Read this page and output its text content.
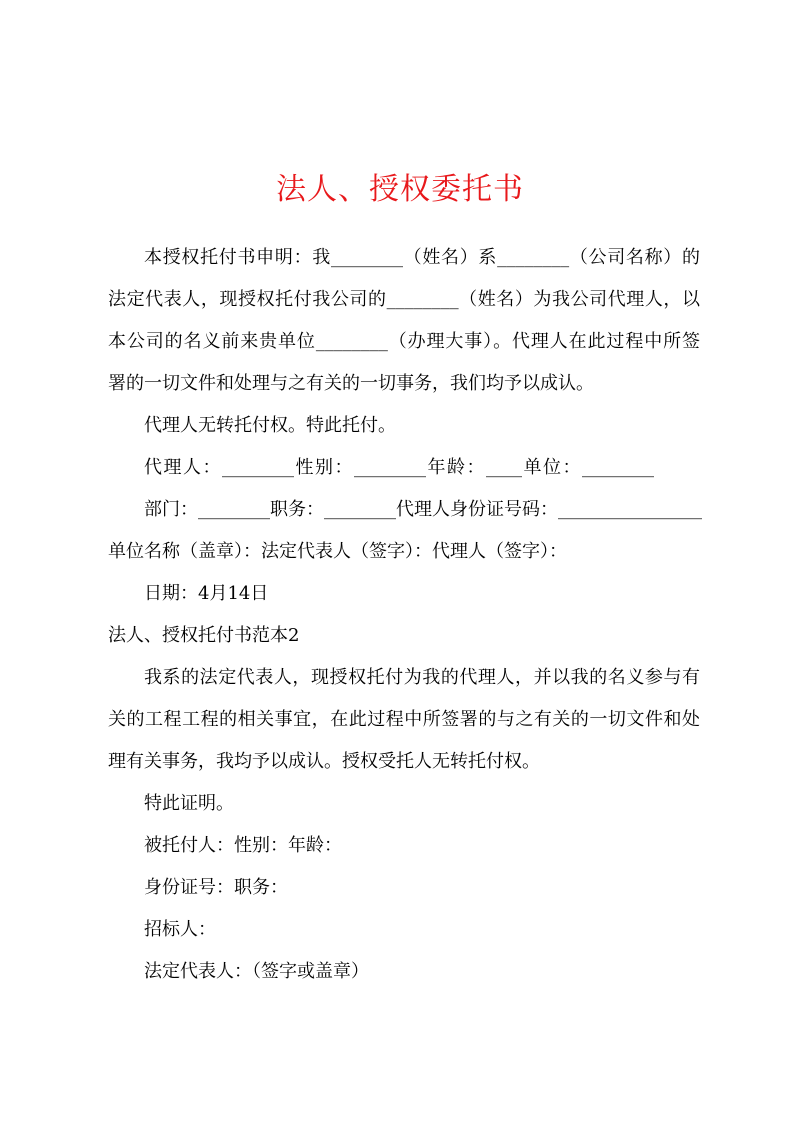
法人、授权委托书
本授权托付书申明：我________（姓名）系________（公司名称）的
法定代表人，现授权托付我公司的________（姓名）为我公司代理人，以
本公司的名义前来贵单位________（办理大事）。代理人在此过程中所签
署的一切文件和处理与之有关的一切事务，我们均予以成认。
代理人无转托付权。特此托付。
代理人：________性别：________年龄：____单位：________
部门：________职务：________代理人身份证号码：________________
单位名称（盖章）：法定代表人（签字）：代理人（签字）：
日期：4月14日
法人、授权托付书范本2
我系的法定代表人，现授权托付为我的代理人，并以我的名义参与有
关的工程工程的相关事宜，在此过程中所签署的与之有关的一切文件和处
理有关事务，我均予以成认。授权受托人无转托付权。
特此证明。
被托付人：性别：年龄：
身份证号：职务：
招标人：
法定代表人：（签字或盖章）
